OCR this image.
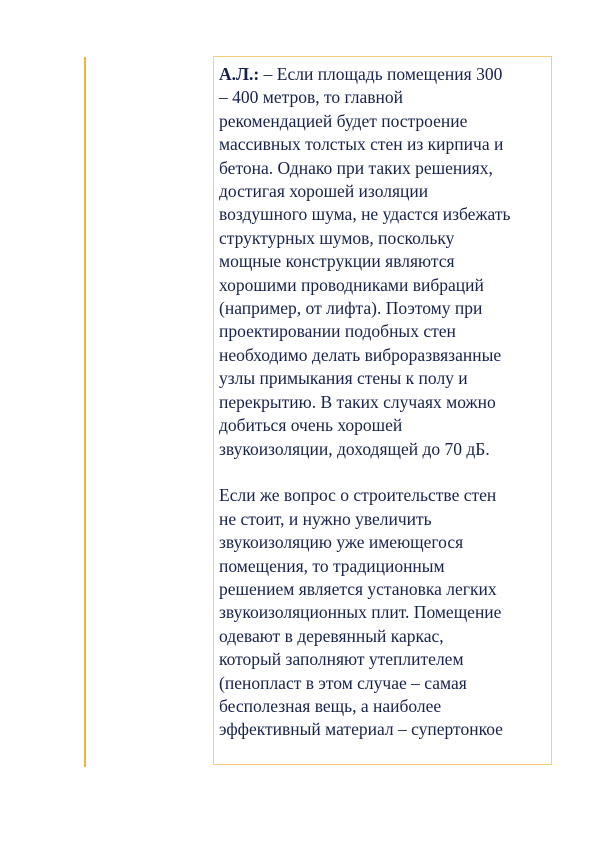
А.Л.: – Если площадь помещения 300
– 400 метров, то главной
рекомендацией будет построение
массивных толстых стен из кирпича и
бетона. Однако при таких решениях,
достигая хорошей изоляции
воздушного шума, не удастся избежать
структурных шумов, поскольку
мощные конструкции являются
хорошими проводниками вибраций
(например, от лифта). Поэтому при
проектировании подобных стен
необходимо делать виброразвязанные
узлы примыкания стены к полу и
перекрытию. В таких случаях можно
добиться очень хорошей
звукоизоляции, доходящей до 70 дБ.

Если же вопрос о строительстве стен
не стоит, и нужно увеличить
звукоизоляцию уже имеющегося
помещения, то традиционным
решением является установка легких
звукоизоляционных плит. Помещение
одевают в деревянный каркас,
который заполняют утеплителем
(пенопласт в этом случае – самая
бесполезная вещь, а наиболее
эффективный материал – супертонкое
